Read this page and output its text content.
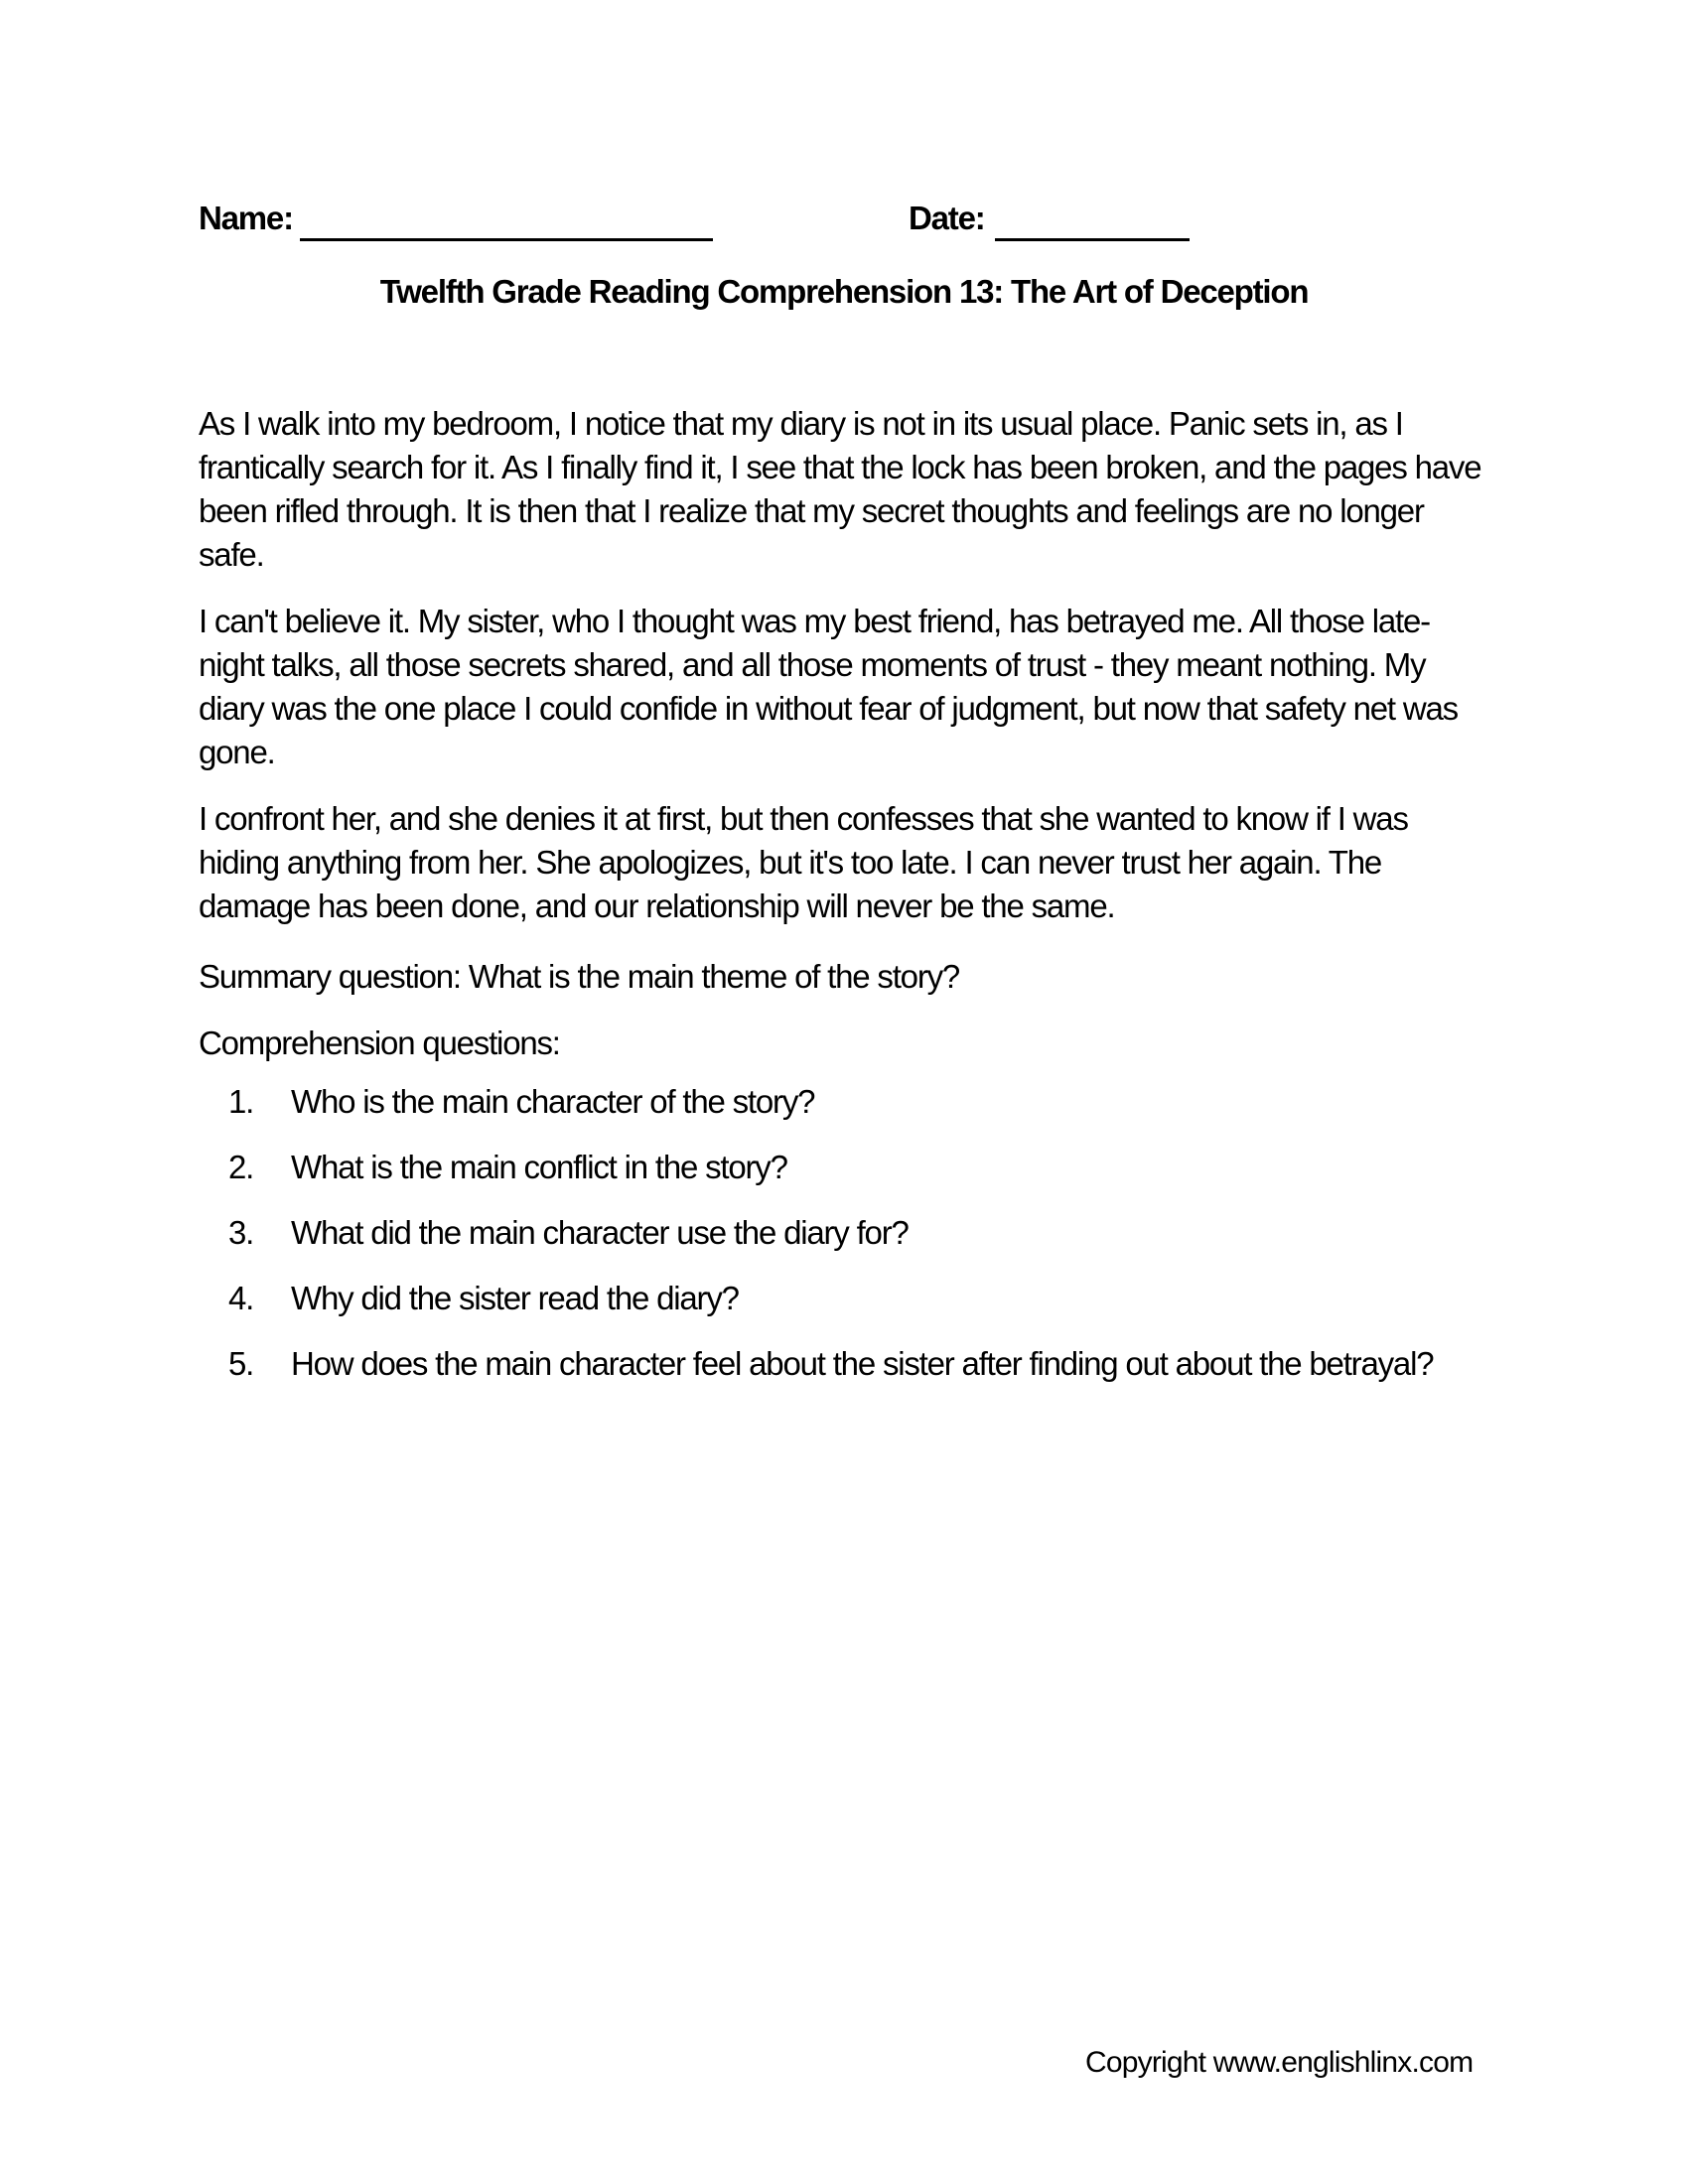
Name:	Date:
Twelfth Grade Reading Comprehension 13: The Art of Deception
As I walk into my bedroom, I notice that my diary is not in its usual place. Panic sets in, as I frantically search for it. As I finally find it, I see that the lock has been broken, and the pages have been rifled through. It is then that I realize that my secret thoughts and feelings are no longer safe.
I can't believe it. My sister, who I thought was my best friend, has betrayed me. All those late-night talks, all those secrets shared, and all those moments of trust - they meant nothing. My diary was the one place I could confide in without fear of judgment, but now that safety net was gone.
I confront her, and she denies it at first, but then confesses that she wanted to know if I was hiding anything from her. She apologizes, but it's too late. I can never trust her again. The damage has been done, and our relationship will never be the same.
Summary question: What is the main theme of the story?
Comprehension questions:
1.	Who is the main character of the story?
2.	What is the main conflict in the story?
3.	What did the main character use the diary for?
4.	Why did the sister read the diary?
5.	How does the main character feel about the sister after finding out about the betrayal?
Copyright www.englishlinx.com
